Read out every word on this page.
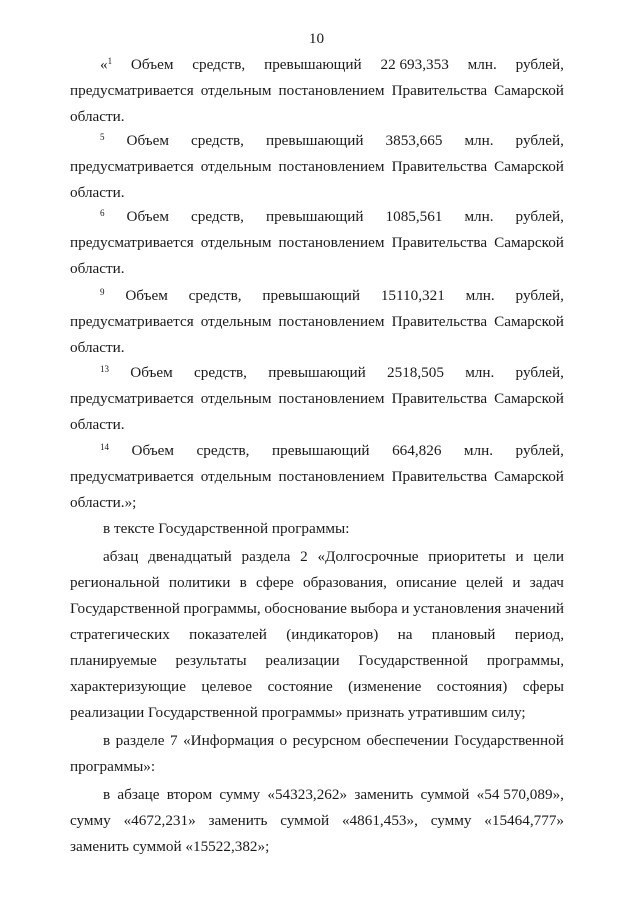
10
«$^1$ Объем средств, превышающий 22 693,353 млн. рублей,
предусматривается отдельным постановлением Правительства Самарской
области.
$^5$ Объем средств, превышающий 3853,665 млн. рублей,
предусматривается отдельным постановлением Правительства Самарской
области.
$^6$ Объем средств, превышающий 1085,561 млн. рублей,
предусматривается отдельным постановлением Правительства Самарской
области.
$^9$ Объем средств, превышающий 15110,321 млн. рублей,
предусматривается отдельным постановлением Правительства Самарской
области.
$^{13}$ Объем средств, превышающий 2518,505 млн. рублей,
предусматривается отдельным постановлением Правительства Самарской
области.
$^{14}$ Объем средств, превышающий 664,826 млн. рублей,
предусматривается отдельным постановлением Правительства Самарской
области.»;
в тексте Государственной программы:
абзац двенадцатый раздела 2 «Долгосрочные приоритеты и цели
региональной политики в сфере образования, описание целей и задач
Государственной программы, обоснование выбора и установления значений
стратегических показателей (индикаторов) на плановый период,
планируемые результаты реализации Государственной программы,
характеризующие целевое состояние (изменение состояния) сферы
реализации Государственной программы» признать утратившим силу;
в разделе 7 «Информация о ресурсном обеспечении Государственной
программы»:
в абзаце втором сумму «54323,262» заменить суммой «54 570,089»,
сумму «4672,231» заменить суммой «4861,453», сумму «15464,777»
заменить суммой «15522,382»;
